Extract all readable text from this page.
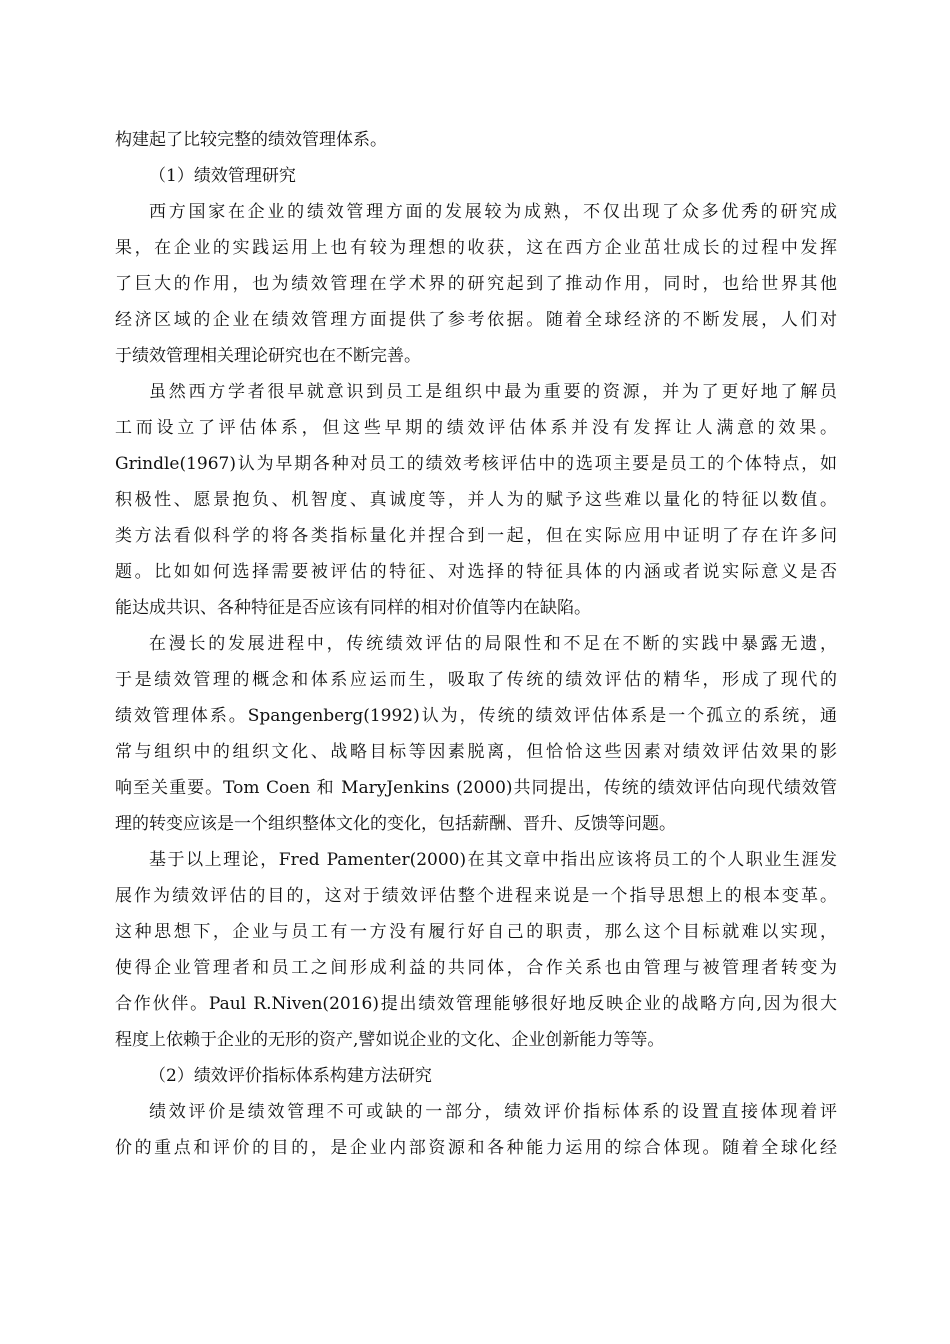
构建起了比较完整的绩效管理体系。
（1）绩效管理研究
西方国家在企业的绩效管理方面的发展较为成熟，不仅出现了众多优秀的研究成
果，在企业的实践运用上也有较为理想的收获，这在西方企业茁壮成长的过程中发挥
了巨大的作用，也为绩效管理在学术界的研究起到了推动作用，同时，也给世界其他
经济区域的企业在绩效管理方面提供了参考依据。随着全球经济的不断发展，人们对
于绩效管理相关理论研究也在不断完善。
虽然西方学者很早就意识到员工是组织中最为重要的资源，并为了更好地了解员
工而设立了评估体系，但这些早期的绩效评估体系并没有发挥让人满意的效果。
Grindle(1967)认为早期各种对员工的绩效考核评估中的选项主要是员工的个体特点，如
积极性、愿景抱负、机智度、真诚度等，并人为的赋予这些难以量化的特征以数值。
类方法看似科学的将各类指标量化并捏合到一起，但在实际应用中证明了存在许多问
题。比如如何选择需要被评估的特征、对选择的特征具体的内涵或者说实际意义是否
能达成共识、各种特征是否应该有同样的相对价值等内在缺陷。
在漫长的发展进程中，传统绩效评估的局限性和不足在不断的实践中暴露无遗，
于是绩效管理的概念和体系应运而生，吸取了传统的绩效评估的精华，形成了现代的
绩效管理体系。Spangenberg(1992)认为，传统的绩效评估体系是一个孤立的系统，通
常与组织中的组织文化、战略目标等因素脱离，但恰恰这些因素对绩效评估效果的影
响至关重要。Tom Coen 和 MaryJenkins (2000)共同提出，传统的绩效评估向现代绩效管
理的转变应该是一个组织整体文化的变化，包括薪酬、晋升、反馈等问题。
基于以上理论，Fred Pamenter(2000)在其文章中指出应该将员工的个人职业生涯发
展作为绩效评估的目的，这对于绩效评估整个进程来说是一个指导思想上的根本变革。
这种思想下，企业与员工有一方没有履行好自己的职责，那么这个目标就难以实现，
使得企业管理者和员工之间形成利益的共同体，合作关系也由管理与被管理者转变为
合作伙伴。Paul R.Niven(2016)提出绩效管理能够很好地反映企业的战略方向,因为很大
程度上依赖于企业的无形的资产,譬如说企业的文化、企业创新能力等等。
（2）绩效评价指标体系构建方法研究
绩效评价是绩效管理不可或缺的一部分，绩效评价指标体系的设置直接体现着评
价的重点和评价的目的，是企业内部资源和各种能力运用的综合体现。随着全球化经
